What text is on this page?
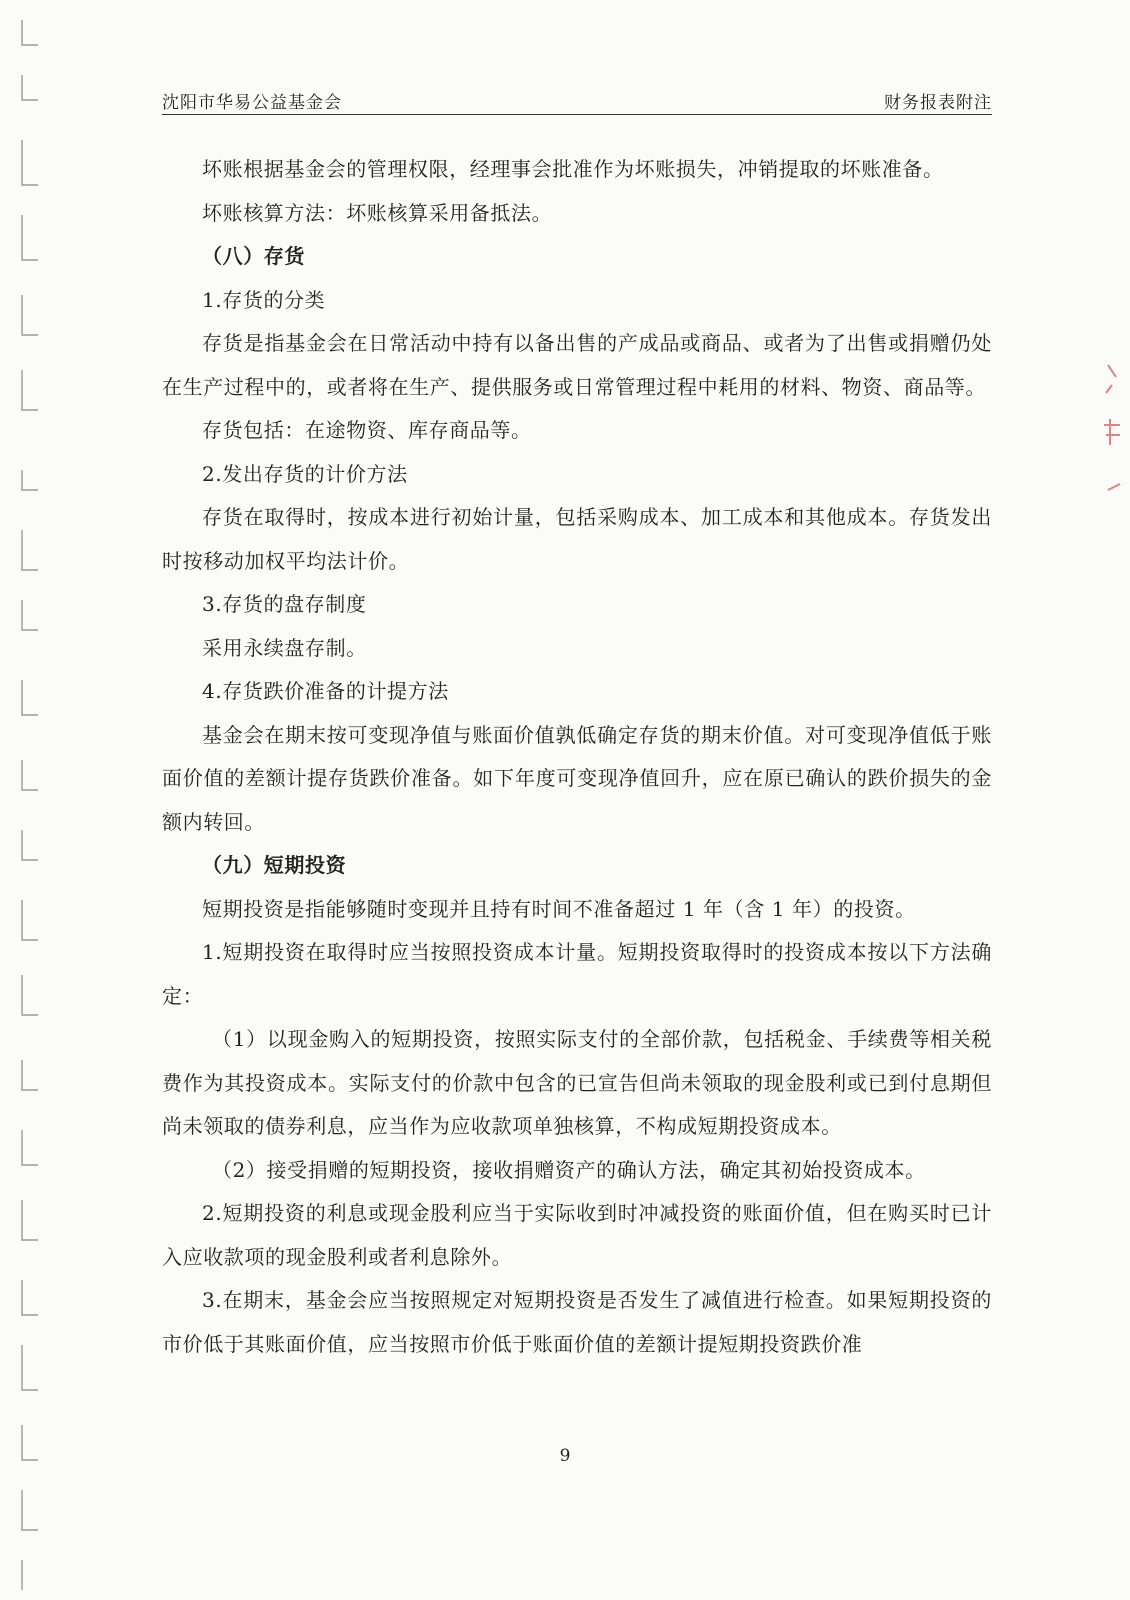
沈阳市华易公益基金会	财务报表附注

坏账根据基金会的管理权限，经理事会批准作为坏账损失，冲销提取的坏账准备。

坏账核算方法：坏账核算采用备抵法。

（八）存货

1.存货的分类

存货是指基金会在日常活动中持有以备出售的产成品或商品、或者为了出售或捐赠仍处在生产过程中的，或者将在生产、提供服务或日常管理过程中耗用的材料、物资、商品等。

存货包括：在途物资、库存商品等。

2.发出存货的计价方法

存货在取得时，按成本进行初始计量，包括采购成本、加工成本和其他成本。存货发出时按移动加权平均法计价。

3.存货的盘存制度

采用永续盘存制。

4.存货跌价准备的计提方法

基金会在期末按可变现净值与账面价值孰低确定存货的期末价值。对可变现净值低于账面价值的差额计提存货跌价准备。如下年度可变现净值回升，应在原已确认的跌价损失的金额内转回。

（九）短期投资

短期投资是指能够随时变现并且持有时间不准备超过 1 年（含 1 年）的投资。

1.短期投资在取得时应当按照投资成本计量。短期投资取得时的投资成本按以下方法确定：

（1）以现金购入的短期投资，按照实际支付的全部价款，包括税金、手续费等相关税费作为其投资成本。实际支付的价款中包含的已宣告但尚未领取的现金股利或已到付息期但尚未领取的债券利息，应当作为应收款项单独核算，不构成短期投资成本。

（2）接受捐赠的短期投资，接收捐赠资产的确认方法，确定其初始投资成本。

2.短期投资的利息或现金股利应当于实际收到时冲减投资的账面价值，但在购买时已计入应收款项的现金股利或者利息除外。

3.在期末，基金会应当按照规定对短期投资是否发生了减值进行检查。如果短期投资的市价低于其账面价值，应当按照市价低于账面价值的差额计提短期投资跌价准

9
